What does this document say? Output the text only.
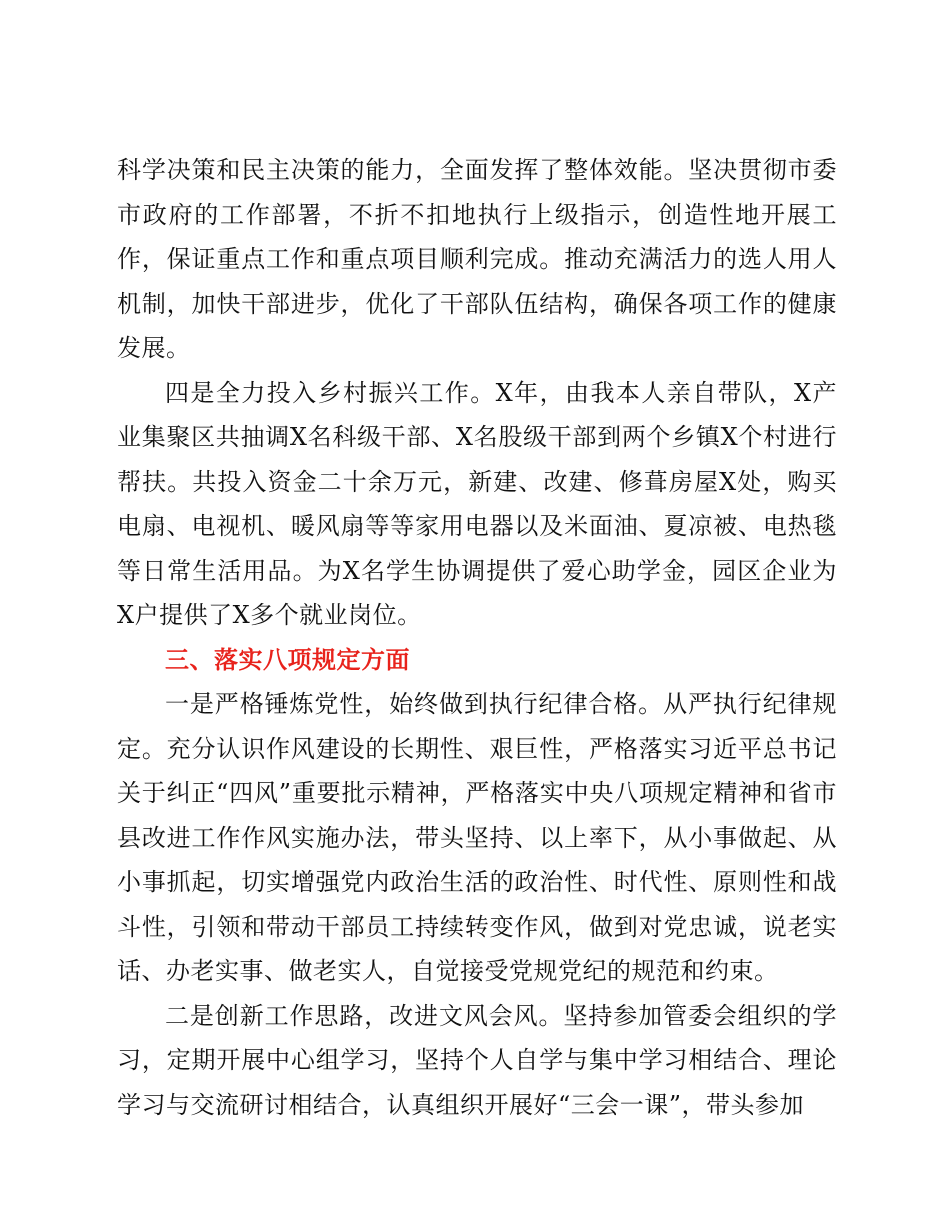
科学决策和民主决策的能力，全面发挥了整体效能。坚决贯彻市委市政府的工作部署，不折不扣地执行上级指示，创造性地开展工作，保证重点工作和重点项目顺利完成。推动充满活力的选人用人机制，加快干部进步，优化了干部队伍结构，确保各项工作的健康发展。

四是全力投入乡村振兴工作。X年，由我本人亲自带队，X产业集聚区共抽调X名科级干部、X名股级干部到两个乡镇X个村进行帮扶。共投入资金二十余万元，新建、改建、修葺房屋X处，购买电扇、电视机、暖风扇等等家用电器以及米面油、夏凉被、电热毯等日常生活用品。为X名学生协调提供了爱心助学金，园区企业为X户提供了X多个就业岗位。

三、落实八项规定方面

一是严格锤炼党性，始终做到执行纪律合格。从严执行纪律规定。充分认识作风建设的长期性、艰巨性，严格落实习近平总书记关于纠正“四风”重要批示精神，严格落实中央八项规定精神和省市县改进工作作风实施办法，带头坚持、以上率下，从小事做起、从小事抓起，切实增强党内政治生活的政治性、时代性、原则性和战斗性，引领和带动干部员工持续转变作风，做到对党忠诚，说老实话、办老实事、做老实人，自觉接受党规党纪的规范和约束。

二是创新工作思路，改进文风会风。坚持参加管委会组织的学习，定期开展中心组学习，坚持个人自学与集中学习相结合、理论学习与交流研讨相结合，认真组织开展好“三会一课”，带头参加
